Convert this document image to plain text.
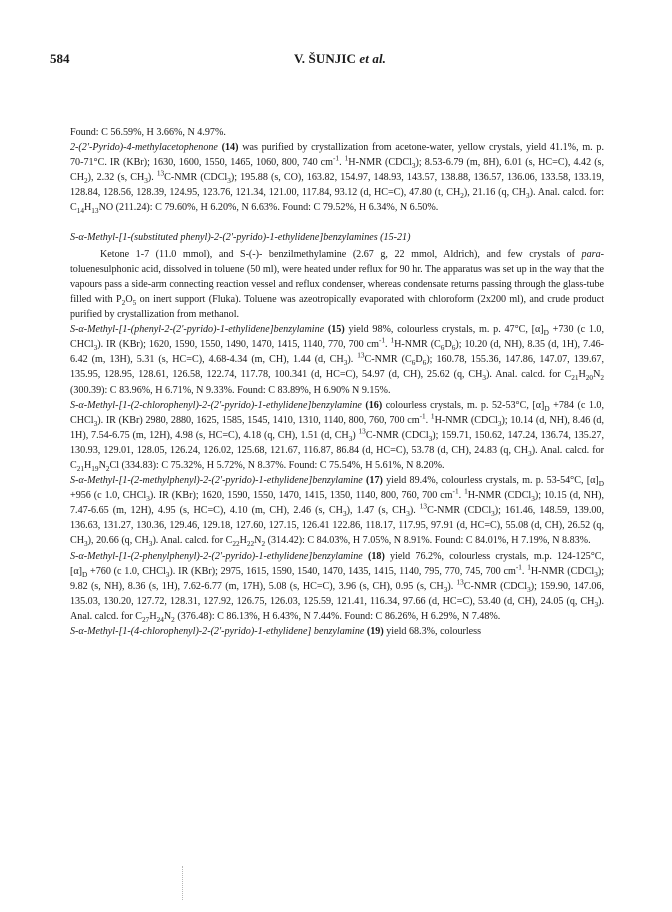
584	V. ŠUNJIC et al.

Found: C 56.59%, H 3.66%, N 4.97%.

2-(2'-Pyrido)-4-methylacetophenone (14) was purified by crystallization from acetone-water, yellow crystals, yield 41.1%, m. p. 70-71°C. IR (KBr); 1630, 1600, 1550, 1465, 1060, 800, 740 $cm^{-1}$. $^1$H-NMR (CDCl$_3$); 8.53-6.79 (m, 8H), 6.01 (s, HC=C), 4.42 (s, $CH_2$), 2.32 (s, $CH_3$). $^{13}$C-NMR (CDCl$_3$); 195.88 (s, CO), 163.82, 154.97, 148.93, 143.57, 138.88, 136.57, 136.06, 133.58, 133.19, 128.84, 128.56, 128.39, 124.95, 123.76, 121.34, 121.00, 117.84, 93.12 (d, HC=C), 47.80 (t, $CH_2$), 21.16 (q, $CH_3$). Anal. calcd. for: $C_{14}H_{13}NO$ (211.24): C 79.60%, H 6.20%, N 6.63%. Found: C 79.52%, H 6.34%, N 6.50%.

S-α-Methyl-[1-(substituted phenyl)-2-(2'-pyrido)-1-ethylidene]benzylamines (15-21)

Ketone 1-7 (11.0 mmol), and S-(-)- benzilmethylamine (2.67 g, 22 mmol, Aldrich), and few crystals of para-toluenesulphonic acid, dissolved in toluene (50 ml), were heated under reflux for 90 hr. The apparatus was set up in the way that the vapours pass a side-arm connecting reaction vessel and reflux condenser, whereas condensate returns passing through the glass-tube filled with $P_2O_5$ on inert support (Fluka). Toluene was azeotropically evaporated with chloroform (2x200 ml), and crude product purified by crystallization from methanol.

S-α-Methyl-[1-(phenyl-2-(2'-pyrido)-1-ethylidene]benzylamine (15) yield 98%, colourless crystals, m. p. 47°C, $[\alpha]_D +730$ (c 1.0, CHCl$_3$). IR (KBr); 1620, 1590, 1550, 1490, 1470, 1415, 1140, 770, 700 $cm^{-1}$. $^1$H-NMR $(C_6D_6)$; 10.20 (d, NH), 8.35 (d, 1H), 7.46-6.42 (m, 13H), 5.31 (s, HC=C), 4.68-4.34 (m, CH), 1.44 (d, $CH_3$). $^{13}$C-NMR $(C_6D_6)$; 160.78, 155.36, 147.86, 147.07, 139.67, 135.95, 128.95, 128.61, 126.58, 122.74, 117.78, 100.341 (d, HC=C), 54.97 (d, CH), 25.62 (q, $CH_3$). Anal. calcd. for $C_{21}H_{20}N_2$ (300.39): C 83.96%, H 6.71%, N 9.33%. Found: C 83.89%, H 6.90% N 9.15%.

S-α-Methyl-[1-(2-chlorophenyl)-2-(2'-pyrido)-1-ethylidene]benzylamine (16) colourless crystals, m. p. 52-53°C, $[\alpha]_D +784$ (c 1.0, CHCl$_3$). IR (KBr) 2980, 2880, 1625, 1585, 1545, 1410, 1310, 1140, 800, 760, 700 $cm^{-1}$. $^1$H-NMR (CDCl$_3$); 10.14 (d, NH), 8.46 (d, 1H), 7.54-6.75 (m, 12H), 4.98 (s, HC=C), 4.18 (q, CH), 1.51 (d, $CH_3$) $^{13}$C-NMR (CDCl$_3$); 159.71, 150.62, 147.24, 136.74, 135.27, 130.93, 129.01, 128.05, 126.24, 126.02, 125.68, 121.67, 116.87, 86.84 (d, HC=C), 53.78 (d, CH), 24.83 (q, $CH_3$). Anal. calcd. for $C_{21}H_{19}N_2Cl$ (334.83): C 75.32%, H 5.72%, N 8.37%. Found: C 75.54%, H 5.61%, N 8.20%.

S-α-Methyl-[1-(2-methylphenyl)-2-(2'-pyrido)-1-ethylidene]benzylamine (17) yield 89.4%, colourless crystals, m. p. 53-54°C, $[\alpha]_D +956$ (c 1.0, CHCl$_3$). IR (KBr); 1620, 1590, 1550, 1470, 1415, 1350, 1140, 800, 760, 700 $cm^{-1}$. $^1$H-NMR (CDCl$_3$); 10.15 (d, NH), 7.47-6.65 (m, 12H), 4.95 (s, HC=C), 4.10 (m, CH), 2.46 (s, $CH_3$), 1.47 (s, $CH_3$). $^{13}$C-NMR (CDCl$_3$); 161.46, 148.59, 139.00, 136.63, 131.27, 130.36, 129.46, 129.18, 127.60, 127.15, 126.41 122.86, 118.17, 117.95, 97.91 (d, HC=C), 55.08 (d, CH), 26.52 (q, $CH_3$), 20.66 (q, $CH_3$). Anal. calcd. for $C_{22}H_{22}N_2$ (314.42): C 84.03%, H 7.05%, N 8.91%. Found: C 84.01%, H 7.19%, N 8.83%.

S-α-Methyl-[1-(2-phenylphenyl)-2-(2'-pyrido)-1-ethylidene]benzylamine (18) yield 76.2%, colourless crystals, m.p. 124-125°C, $[\alpha]_D +760$ (c 1.0, CHCl$_3$). IR (KBr); 2975, 1615, 1590, 1540, 1470, 1435, 1415, 1140, 795, 770, 745, 700 $cm^{-1}$. $^1$H-NMR (CDCl$_3$); 9.82 (s, NH), 8.36 (s, 1H), 7.62-6.77 (m, 17H), 5.08 (s, HC=C), 3.96 (s, CH), 0.95 (s, $CH_3$). $^{13}$C-NMR (CDCl$_3$); 159.90, 147.06, 135.03, 130.20, 127.72, 128.31, 127.92, 126.75, 126.03, 125.59, 121.41, 116.34, 97.66 (d, HC=C), 53.40 (d, CH), 24.05 (q, $CH_3$). Anal. calcd. for $C_{27}H_{24}N_2$ (376.48): C 86.13%, H 6.43%, N 7.44%. Found: C 86.26%, H 6.29%, N 7.48%.

S-α-Methyl-[1-(4-chlorophenyl)-2-(2'-pyrido)-1-ethylidene] benzylamine (19) yield 68.3%, colourless
